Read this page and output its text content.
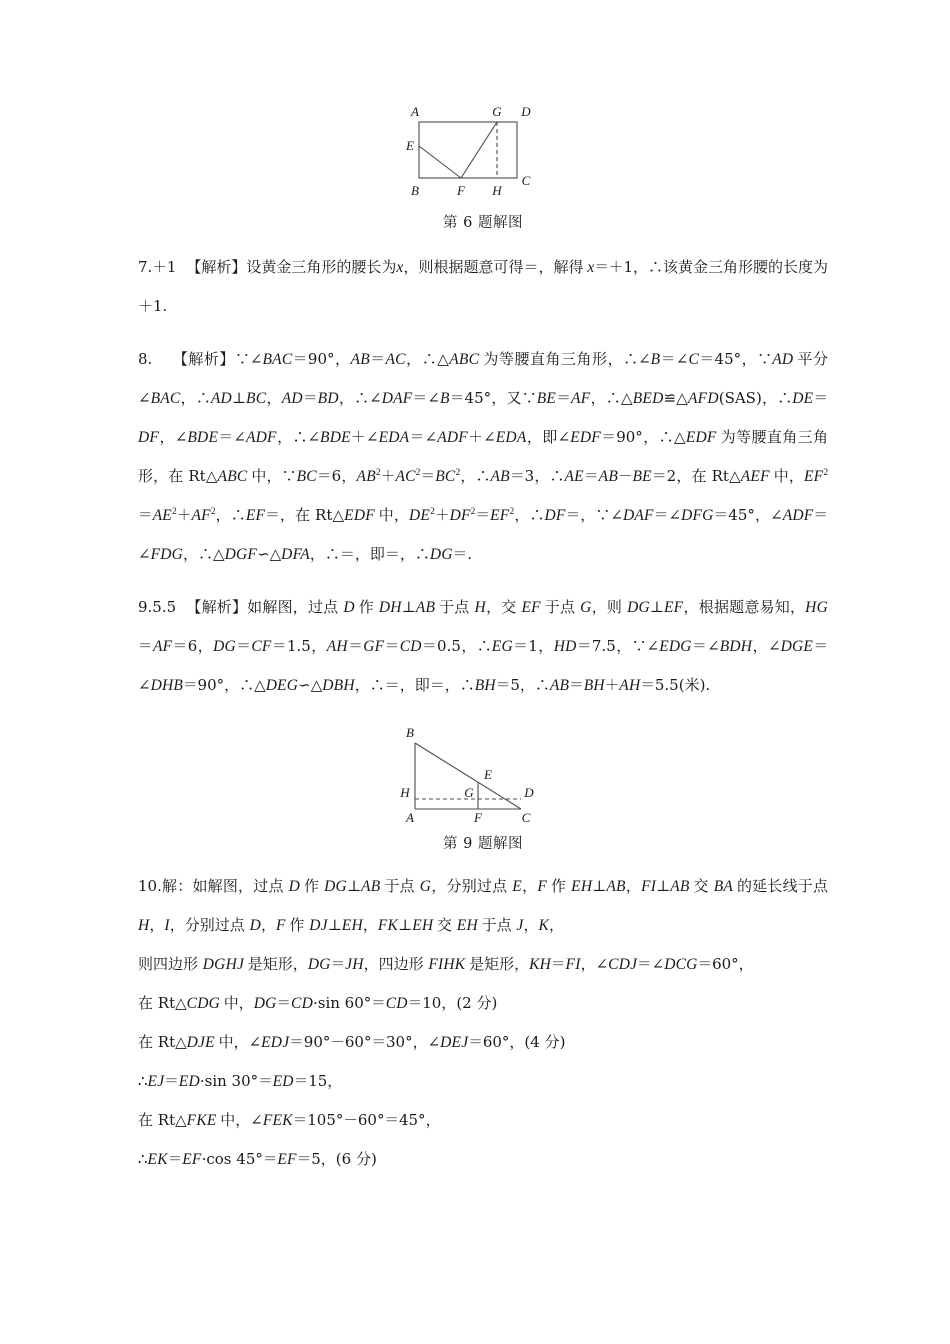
A	G D
E
B	F H
C
第 6 题解图

7.＋1 【解析】设黄金三角形的腰长为x，则根据题意可得＝，解得 x＝＋1，∴该黄金三角形腰的长度为＋1.

8. 【解析】∵∠BAC＝90°，AB＝AC，∴△ABC 为等腰直角三角形，∴∠B＝∠C＝45°，∵AD 平分∠BAC，∴AD⊥BC，AD＝BD，∴∠DAF＝∠B＝45°，又∵BE＝AF，∴△BED≌△AFD(SAS)，∴DE＝DF，∠BDE＝∠ADF，∴∠BDE＋∠EDA＝∠ADF＋∠EDA，即∠EDF＝90°，∴△EDF 为等腰直角三角形，在 Rt△ABC 中，∵BC＝6，$AB^2+AC^2=BC^2$，∴AB＝3，∴AE＝AB－BE＝2，在 Rt△AEF 中，$EF^2=AE^2+AF^2$，∴EF＝，在 Rt△EDF 中，$DE^2+DF^2=EF^2$，∴DF＝，∵∠DAF＝∠DFG＝45°，∠ADF＝∠FDG，∴△DGF∽△DFA，∴＝，即＝，∴DG＝.

9.5.5 【解析】如解图，过点 D 作 DH⊥AB 于点 H，交 EF 于点 G，则 DG⊥EF，根据题意易知，HG＝AF＝6，DG＝CF＝1.5，AH＝GF＝CD＝0.5，∴EG＝1，HD＝7.5，∵∠EDG＝∠BDH，∠DGE＝∠DHB＝90°，∴△DEG∽△DBH，∴＝，即＝，∴BH＝5，∴AB＝BH＋AH＝5.5(米).

B
E
H	G	D
A	F	C
第 9 题解图

10.解：如解图，过点 D 作 DG⊥AB 于点 G，分别过点 E，F 作 EH⊥AB，FI⊥AB 交 BA 的延长线于点 H，I，分别过点 D，F 作 DJ⊥EH，FK⊥EH 交 EH 于点 J，K，

则四边形 DGHJ 是矩形，DG＝JH，四边形 FIHK 是矩形，KH＝FI，∠CDJ＝∠DCG＝60°，

在 Rt△CDG 中，DG＝CD·sin 60°＝CD＝10，(2 分)

在 Rt△DJE 中，∠EDJ＝90°－60°＝30°，∠DEJ＝60°，(4 分)

∴EJ＝ED·sin 30°＝ED＝15，

在 Rt△FKE 中，∠FEK＝105°－60°＝45°，

∴EK＝EF·cos 45°＝EF＝5，(6 分)
